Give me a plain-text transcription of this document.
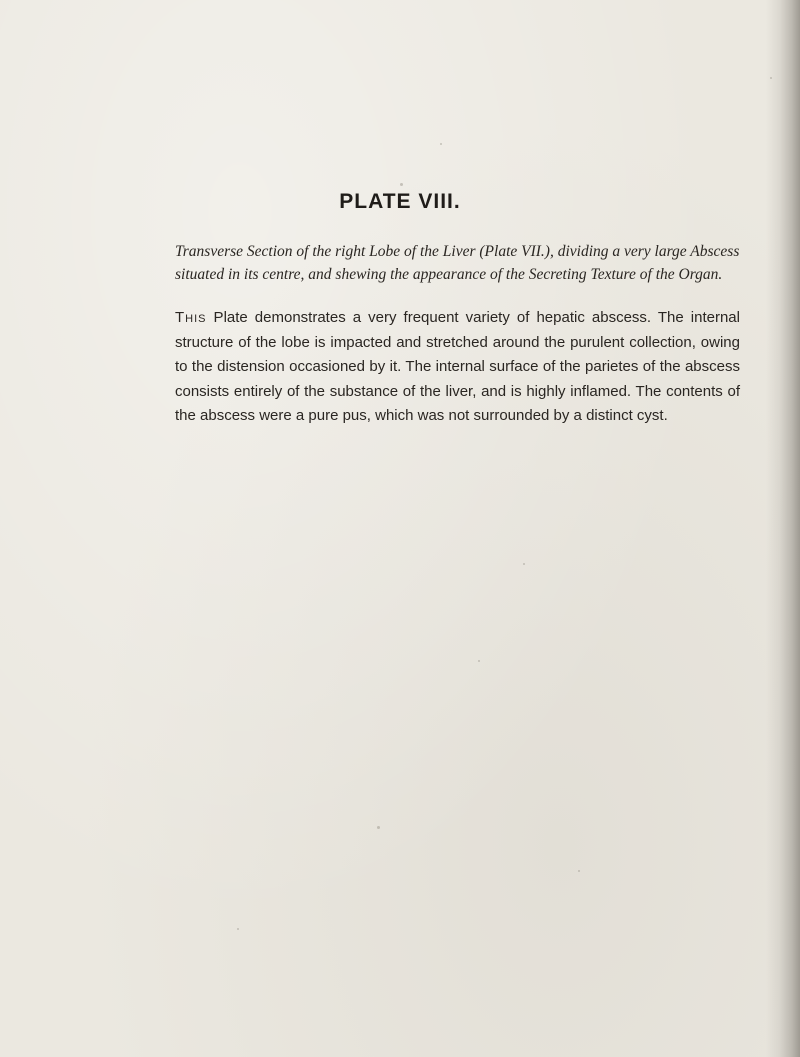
PLATE VIII.

Transverse Section of the right Lobe of the Liver (Plate VII.), dividing a very large Abscess
situated in its centre, and shewing the appearance of the Secreting Texture of the Organ.

This Plate demonstrates a very frequent variety of hepatic abscess. The internal structure of the lobe is impacted and stretched around the purulent collection, owing to the distension occasioned by it. The internal surface of the parietes of the abscess consists entirely of the substance of the liver, and is highly inflamed. The contents of the abscess were a pure pus, which was not surrounded by a distinct cyst.
